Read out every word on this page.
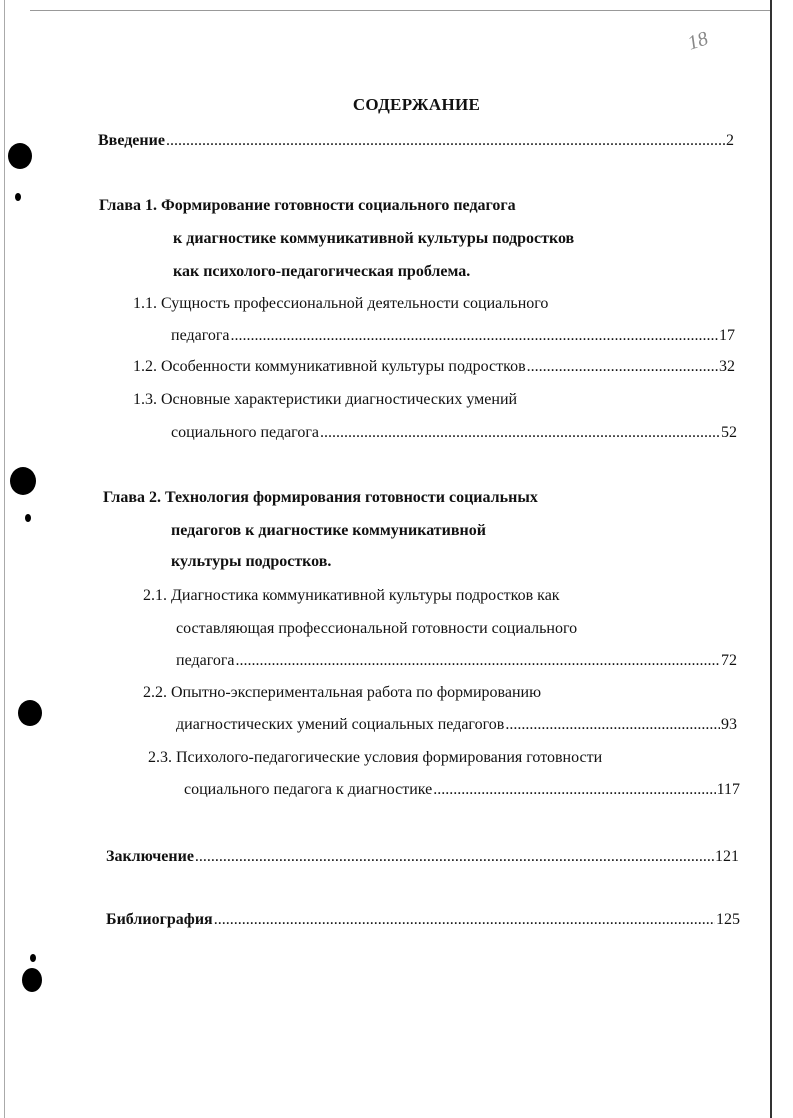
18
СОДЕРЖАНИЕ
Введение .....	2
Глава 1. Формирование готовности социального педагога
к диагностике коммуникативной культуры подростков
как психолого-педагогическая проблема.
1.1. Сущность профессиональной деятельности социального
педагога .....	17
1.2. Особенности коммуникативной культуры подростков .....	32
1.3. Основные характеристики диагностических умений
социального педагога .....	52
Глава 2. Технология формирования готовности социальных
педагогов к диагностике коммуникативной
культуры подростков.
2.1. Диагностика коммуникативной культуры подростков как
составляющая профессиональной готовности социального
педагога .....	72
2.2. Опытно-экспериментальная работа по формированию
диагностических умений социальных педагогов .....	93
2.3. Психолого-педагогические условия формирования готовности
социального педагога к диагностике .....	117
Заключение .....	121
Библиография .....	125
